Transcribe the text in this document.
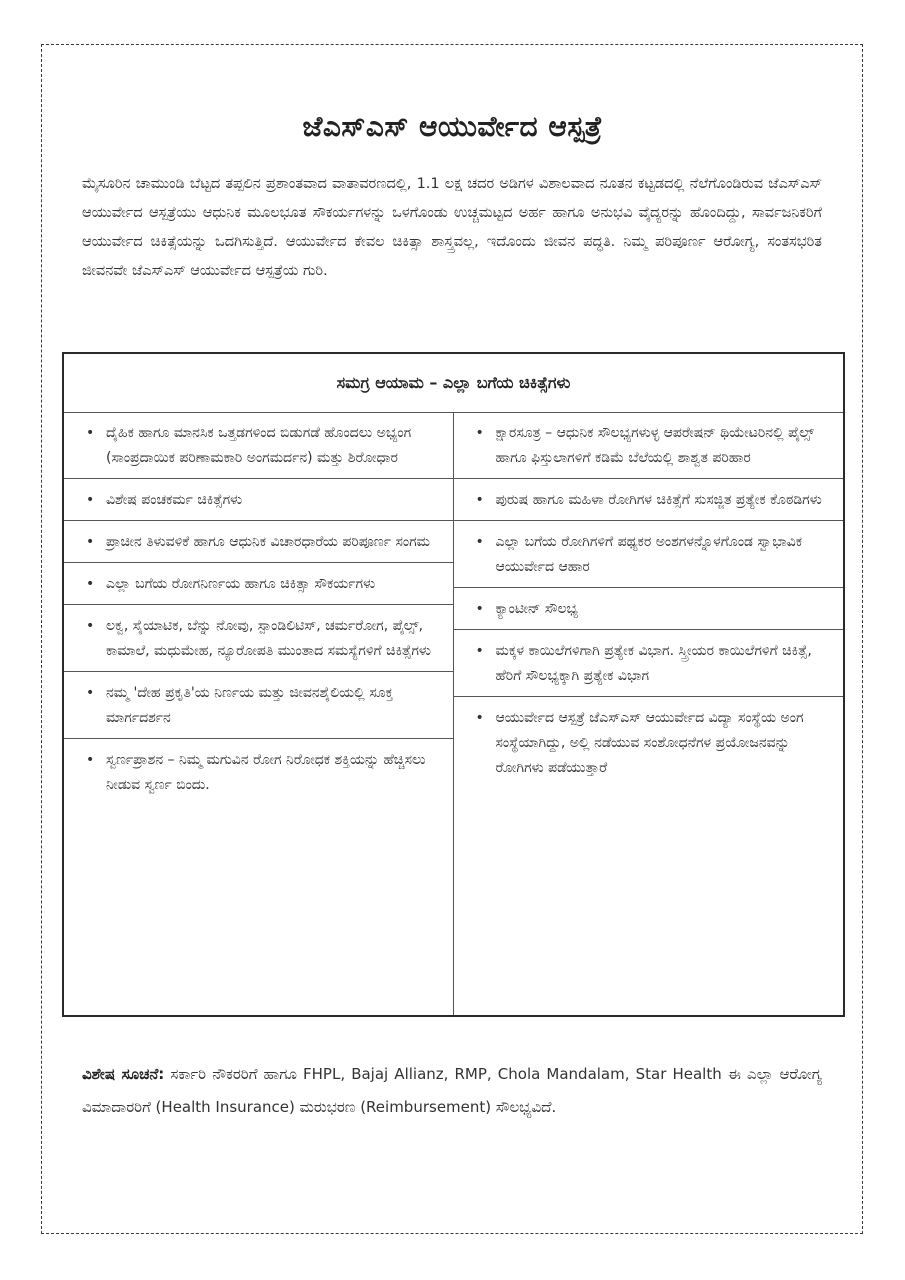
ಜೆಎಸ್‌ಎಸ್ ಆಯುರ್ವೇದ ಆಸ್ಪತ್ರೆ
ಮೈಸೂರಿನ ಚಾಮುಂಡಿ ಬೆಟ್ಟದ ತಪ್ಪಲಿನ ಪ್ರಶಾಂತವಾದ ವಾತಾವರಣದಲ್ಲಿ, 1.1 ಲಕ್ಷ ಚದರ ಅಡಿಗಳ ವಿಶಾಲವಾದ ನೂತನ ಕಟ್ಟಡದಲ್ಲಿ ನೆಲೆಗೊಂಡಿರುವ ಜೆಎಸ್‌ಎಸ್ ಆಯುರ್ವೇದ ಆಸ್ಪತ್ರೆಯು ಆಧುನಿಕ ಮೂಲಭೂತ ಸೌಕರ್ಯಗಳನ್ನು ಒಳಗೊಂಡು ಉಚ್ಚಮಟ್ಟದ ಅರ್ಹ ಹಾಗೂ ಅನುಭವಿ ವೈದ್ಯರನ್ನು ಹೊಂದಿದ್ದು, ಸಾರ್ವಜನಿಕರಿಗೆ ಆಯುರ್ವೇದ ಚಿಕಿತ್ಸೆಯನ್ನು ಒದಗಿಸುತ್ತಿದೆ. ಆಯುರ್ವೇದ ಕೇವಲ ಚಿಕಿತ್ಸಾ ಶಾಸ್ತ್ರವಲ್ಲ, ಇದೊಂದು ಜೀವನ ಪದ್ಧತಿ. ನಿಮ್ಮ ಪರಿಪೂರ್ಣ ಆರೋಗ್ಯ, ಸಂತಸಭರಿತ ಜೀವನವೇ ಜೆಎಸ್‌ಎಸ್ ಆಯುರ್ವೇದ ಆಸ್ಪತ್ರೆಯ ಗುರಿ.
ಸಮಗ್ರ ಆಯಾಮ – ಎಲ್ಲಾ ಬಗೆಯ ಚಿಕಿತ್ಸೆಗಳು
• ದೈಹಿಕ ಹಾಗೂ ಮಾನಸಿಕ ಒತ್ತಡಗಳಿಂದ ಬಿಡುಗಡೆ ಹೊಂದಲು ಅಭ್ಯಂಗ (ಸಾಂಪ್ರದಾಯಿಕ ಪರಿಣಾಮಕಾರಿ ಅಂಗಮರ್ದನ) ಮತ್ತು ಶಿರೋಧಾರ
• ವಿಶೇಷ ಪಂಚಕರ್ಮ ಚಿಕಿತ್ಸೆಗಳು
• ಪ್ರಾಚೀನ ತಿಳುವಳಿಕೆ ಹಾಗೂ ಆಧುನಿಕ ವಿಚಾರಧಾರೆಯ ಪರಿಪೂರ್ಣ ಸಂಗಮ
• ಎಲ್ಲಾ ಬಗೆಯ ರೋಗನಿರ್ಣಯ ಹಾಗೂ ಚಿಕಿತ್ಸಾ ಸೌಕರ್ಯಗಳು
• ಲಕ್ವ, ಸೈಯಾಟಿಕ, ಬೆನ್ನು ನೋವು, ಸ್ಪಾಂಡಿಲಿಟಿಸ್, ಚರ್ಮರೋಗ, ಪೈಲ್ಸ್, ಕಾಮಾಲೆ, ಮಧುಮೇಹ, ನ್ಯೂರೋಪತಿ ಮುಂತಾದ ಸಮಸ್ಯೆಗಳಿಗೆ ಚಿಕಿತ್ಸೆಗಳು
• ನಮ್ಮ 'ದೇಹ ಪ್ರಕೃತಿ'ಯ ನಿರ್ಣಯ ಮತ್ತು ಜೀವನಶೈಲಿಯಲ್ಲಿ ಸೂಕ್ತ ಮಾರ್ಗದರ್ಶನ
• ಸ್ವರ್ಣಪ್ರಾಶನ – ನಿಮ್ಮ ಮಗುವಿನ ರೋಗ ನಿರೋಧಕ ಶಕ್ತಿಯನ್ನು ಹೆಚ್ಚಿಸಲು ನೀಡುವ ಸ್ವರ್ಣ ಬಿಂದು.
• ಕ್ಷಾರಸೂತ್ರ – ಆಧುನಿಕ ಸೌಲಭ್ಯಗಳುಳ್ಳ ಆಪರೇಷನ್ ಥಿಯೇಟರಿನಲ್ಲಿ ಪೈಲ್ಸ್ ಹಾಗೂ ಫಿಸ್ತುಲಾಗಳಿಗೆ ಕಡಿಮೆ ಬೆಲೆಯಲ್ಲಿ ಶಾಶ್ವತ ಪರಿಹಾರ
• ಪುರುಷ ಹಾಗೂ ಮಹಿಳಾ ರೋಗಿಗಳ ಚಿಕಿತ್ಸೆಗೆ ಸುಸಜ್ಜಿತ ಪ್ರತ್ಯೇಕ ಕೊಠಡಿಗಳು
• ಎಲ್ಲಾ ಬಗೆಯ ರೋಗಿಗಳಿಗೆ ಪಥ್ಯಕರ ಅಂಶಗಳನ್ನೊಳಗೊಂಡ ಸ್ವಾಭಾವಿಕ ಆಯುರ್ವೇದ ಆಹಾರ
• ಕ್ಯಾಂಟೀನ್ ಸೌಲಭ್ಯ
• ಮಕ್ಕಳ ಕಾಯಿಲೆಗಳಿಗಾಗಿ ಪ್ರತ್ಯೇಕ ವಿಭಾಗ. ಸ್ತ್ರೀಯರ ಕಾಯಿಲೆಗಳಿಗೆ ಚಿಕಿತ್ಸೆ, ಹೆರಿಗೆ ಸೌಲಭ್ಯಕ್ಕಾಗಿ ಪ್ರತ್ಯೇಕ ವಿಭಾಗ
• ಆಯುರ್ವೇದ ಆಸ್ಪತ್ರೆ ಜೆಎಸ್‌ಎಸ್ ಆಯುರ್ವೇದ ವಿದ್ಯಾ ಸಂಸ್ಥೆಯ ಅಂಗ ಸಂಸ್ಥೆಯಾಗಿದ್ದು, ಅಲ್ಲಿ ನಡೆಯುವ ಸಂಶೋಧನೆಗಳ ಪ್ರಯೋಜನವನ್ನು ರೋಗಿಗಳು ಪಡೆಯುತ್ತಾರೆ
ವಿಶೇಷ ಸೂಚನೆ: ಸರ್ಕಾರಿ ನೌಕರರಿಗೆ ಹಾಗೂ FHPL, Bajaj Allianz, RMP, Chola Mandalam, Star Health ಈ ಎಲ್ಲಾ ಆರೋಗ್ಯ ವಿಮಾದಾರರಿಗೆ (Health Insurance) ಮರುಭರಣ (Reimbursement) ಸೌಲಭ್ಯವಿದೆ.
